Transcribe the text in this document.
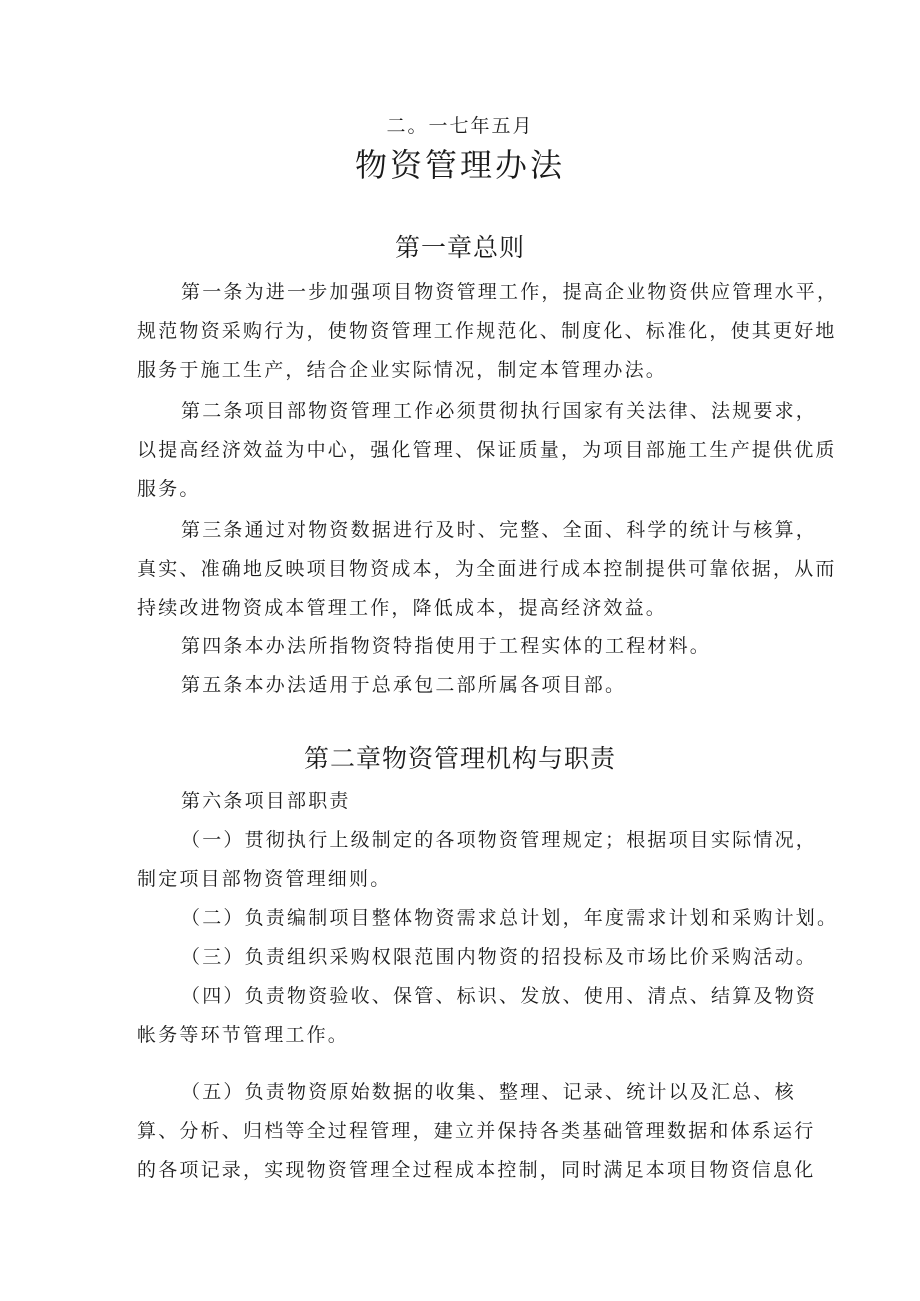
二。一七年五月
物资管理办法
第一章总则
第一条为进一步加强项目物资管理工作，提高企业物资供应管理水平，
规范物资采购行为，使物资管理工作规范化、制度化、标准化，使其更好地
服务于施工生产，结合企业实际情况，制定本管理办法。
第二条项目部物资管理工作必须贯彻执行国家有关法律、法规要求，
以提高经济效益为中心，强化管理、保证质量，为项目部施工生产提供优质
服务。
第三条通过对物资数据进行及时、完整、全面、科学的统计与核算，
真实、准确地反映项目物资成本，为全面进行成本控制提供可靠依据，从而
持续改进物资成本管理工作，降低成本，提高经济效益。
第四条本办法所指物资特指使用于工程实体的工程材料。
第五条本办法适用于总承包二部所属各项目部。
第二章物资管理机构与职责
第六条项目部职责
（一）贯彻执行上级制定的各项物资管理规定；根据项目实际情况，
制定项目部物资管理细则。
（二）负责编制项目整体物资需求总计划，年度需求计划和采购计划。
（三）负责组织采购权限范围内物资的招投标及市场比价采购活动。
（四）负责物资验收、保管、标识、发放、使用、清点、结算及物资
帐务等环节管理工作。
（五）负责物资原始数据的收集、整理、记录、统计以及汇总、核
算、分析、归档等全过程管理，建立并保持各类基础管理数据和体系运行
的各项记录，实现物资管理全过程成本控制，同时满足本项目物资信息化
